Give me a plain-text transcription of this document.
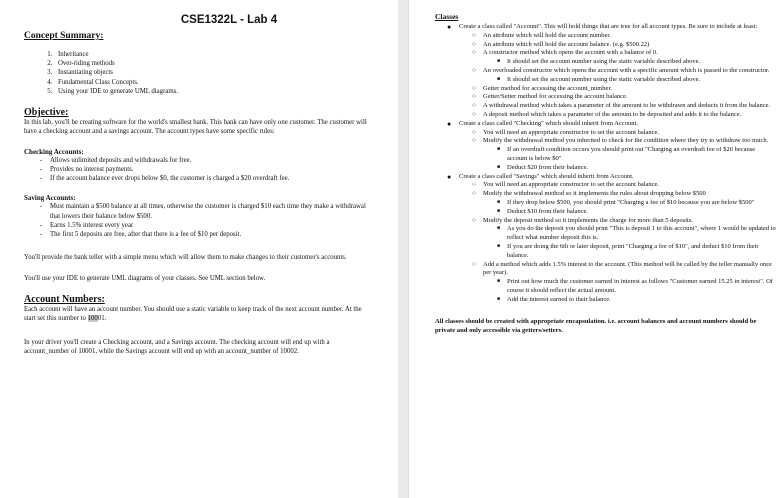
CSE1322L - Lab 4
Concept Summary:
1. Inheritance
2. Over-riding methods
3. Instantiating objects
4. Fundamental Class Concepts.
5. Using your IDE to generate UML diagrams.
Objective:

In this lab, you'll be creating software for the world's smallest bank. This bank can have only one customer. The customer will have a checking account and a savings account. The account types have some specific rules:

Checking Accounts:
- Allows unlimited deposits and withdrawals for free.
- Provides no interest payments.
- If the account balance ever drops below $0, the customer is charged a $20 overdraft fee.
Saving Accounts:
- Must maintain a $500 balance at all times, otherwise the customer is charged $10 each time they make a withdrawal that lowers their balance below $500.
- Earns 1.5% interest every year
- The first 5 deposits are free, after that there is a fee of $10 per deposit.

You'll provide the bank teller with a simple menu which will allow them to make changes to their customer's accounts.

You'll use your IDE to generate UML diagrams of your classes. See UML section below.

Account Numbers:

Each account will have an account number. You should use a static variable to keep track of the next account number. At the start set this number to 10001.

In your driver you'll create a Checking account, and a Savings account. The checking account will end up with a account_number of 10001, while the Savings account will end up with an account_number of 10002.

Classes
● Create a class called "Account". This will hold things that are true for all account types. Be sure to include at least:
○ An attribute which will hold the account number.
○ An attribute which will hold the account balance. (e.g. $500.22)
○ A constructor method which opens the account with a balance of 0.
■ It should set the account number using the static variable described above.
○ An overloaded constructor which opens the account with a specific amount which is passed to the constructor.
■ It should set the account number using the static variable described above.
○ Getter method for accessing the account_number.
○ Getter/Setter method for accessing the account balance.
○ A withdrawal method which takes a parameter of the amount to be withdrawn and deducts it from the balance.
○ A deposit method which takes a parameter of the amount to be deposited and adds it to the balance.
● Create a class called "Checking" which should inherit from Account.
○ You will need an appropriate constructor to set the account balance.
○ Modify the withdrawal method you inherited to check for the condition where they try to withdraw too much.
■ If an overdraft condition occurs you should print out "Charging an overdraft fee of $20 because account is below $0"
■ Deduct $20 from their balance.
● Create a class called "Savings" which should inherit from Account.
○ You will need an appropriate constructor to set the account balance.
○ Modify the withdrawal method so it implements the rules about dropping below $500
■ If they drop below $500, you should print "Charging a fee of $10 because you are below $500"
■ Deduct $10 from their balance.
○ Modify the deposit method so it implements the charge for more than 5 deposits.
■ As you do the deposit you should print "This is deposit 1 to this account", where 1 would be updated to reflect what number deposit this is.
■ If you are doing the 6th or later deposit, print "Charging a fee of $10", and deduct $10 from their balance.
○ Add a method which adds 1.5% interest to the account. (This method will be called by the teller manually once per year).
■ Print out how much the customer earned in interest as follows "Customer earned 15.25 in interest". Of course it should reflect the actual amount.
■ Add the interest earned to their balance.
All classes should be created with appropriate encapsulation. i.e. account balances and account numbers should be private and only accessible via getters/setters.
